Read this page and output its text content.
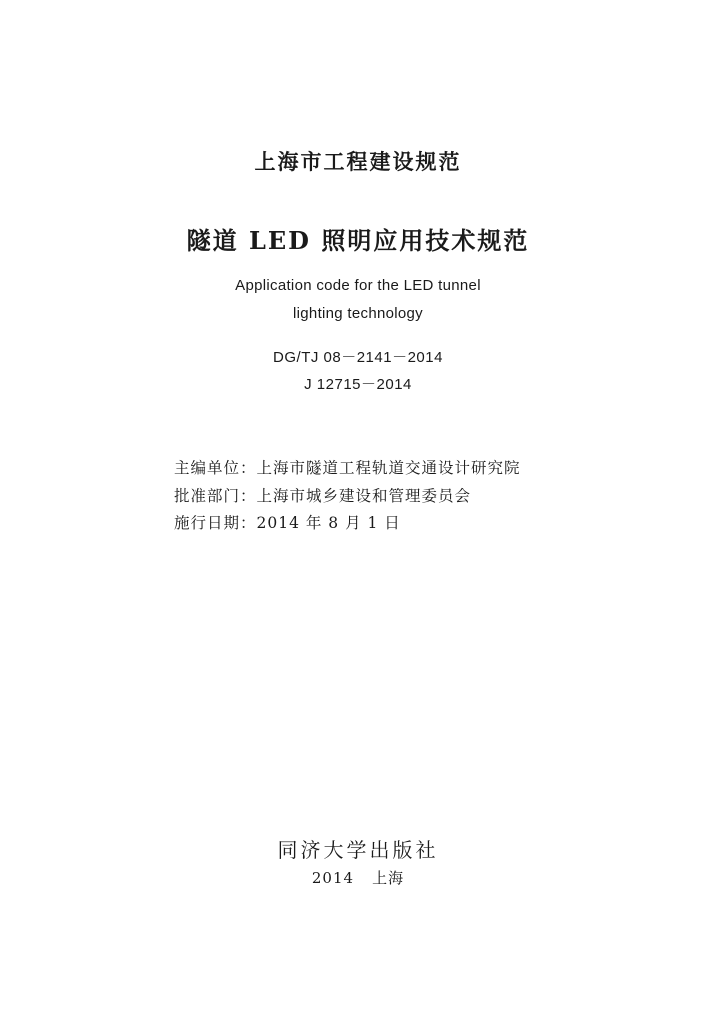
上海市工程建设规范
隧道 LED 照明应用技术规范
Application code for the LED tunnel
lighting technology
DG/TJ 08－2141－2014
J 12715－2014
主编单位：上海市隧道工程轨道交通设计研究院
批准部门：上海市城乡建设和管理委员会
施行日期：2014 年 8 月 1 日
同济大学出版社
2014 上海
